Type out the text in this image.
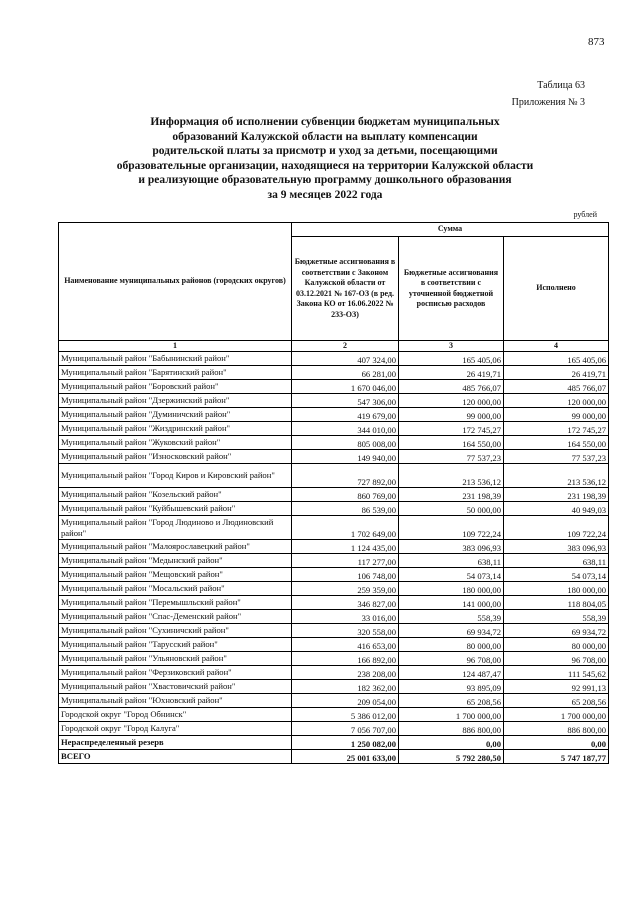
873
Таблица 63
Приложения № 3
Информация об исполнении субвенции бюджетам муниципальных
образований Калужской области на выплату компенсации
родительской платы за присмотр и уход за детьми, посещающими
образовательные организации, находящиеся на территории Калужской области
и реализующие образовательную программу дошкольного образования
за 9 месяцев 2022 года
рублей
Наименование муниципальных районов (городских округов)	Сумма		
	Бюджетные ассигнования в соответствии с Законом Калужской области от 03.12.2021 № 167-ОЗ (в ред. Закона КО от 16.06.2022 № 233-ОЗ)	Бюджетные ассигнования в соответствии с уточненной бюджетной росписью расходов	Исполнено
1	2	3	4
Муниципальный район "Бабынинский район"	407 324,00	165 405,06	165 405,06
Муниципальный район "Барятинский район"	66 281,00	26 419,71	26 419,71
Муниципальный район "Боровский район"	1 670 046,00	485 766,07	485 766,07
Муниципальный район "Дзержинский район"	547 306,00	120 000,00	120 000,00
Муниципальный район "Думиничский район"	419 679,00	99 000,00	99 000,00
Муниципальный район "Жиздринский район"	344 010,00	172 745,27	172 745,27
Муниципальный район "Жуковский район"	805 008,00	164 550,00	164 550,00
Муниципальный район "Износковский район"	149 940,00	77 537,23	77 537,23
Муниципальный район "Город Киров и Кировский район"	727 892,00	213 536,12	213 536,12
Муниципальный район "Козельский район"	860 769,00	231 198,39	231 198,39
Муниципальный район "Куйбышевский район"	86 539,00	50 000,00	40 949,03
Муниципальный район "Город Людиново и Людиновский район"	1 702 649,00	109 722,24	109 722,24
Муниципальный район "Малоярославецкий район"	1 124 435,00	383 096,93	383 096,93
Муниципальный район "Медынский район"	117 277,00	638,11	638,11
Муниципальный район "Мещовский район"	106 748,00	54 073,14	54 073,14
Муниципальный район "Мосальский район"	259 359,00	180 000,00	180 000,00
Муниципальный район "Перемышльский район"	346 827,00	141 000,00	118 804,05
Муниципальный район "Спас-Деменский район"	33 016,00	558,39	558,39
Муниципальный район "Сухиничский район"	320 558,00	69 934,72	69 934,72
Муниципальный район "Тарусский район"	416 653,00	80 000,00	80 000,00
Муниципальный район "Ульяновский район"	166 892,00	96 708,00	96 708,00
Муниципальный район "Ферзиковский район"	238 208,00	124 487,47	111 545,62
Муниципальный район "Хвастовичский район"	182 362,00	93 895,09	92 991,13
Муниципальный район "Юхновский район"	209 054,00	65 208,56	65 208,56
Городской округ "Город Обнинск"	5 386 012,00	1 700 000,00	1 700 000,00
Городской округ "Город Калуга"	7 056 707,00	886 800,00	886 800,00
Нераспределенный резерв	1 250 082,00	0,00	0,00
ВСЕГО	25 001 633,00	5 792 280,50	5 747 187,77
